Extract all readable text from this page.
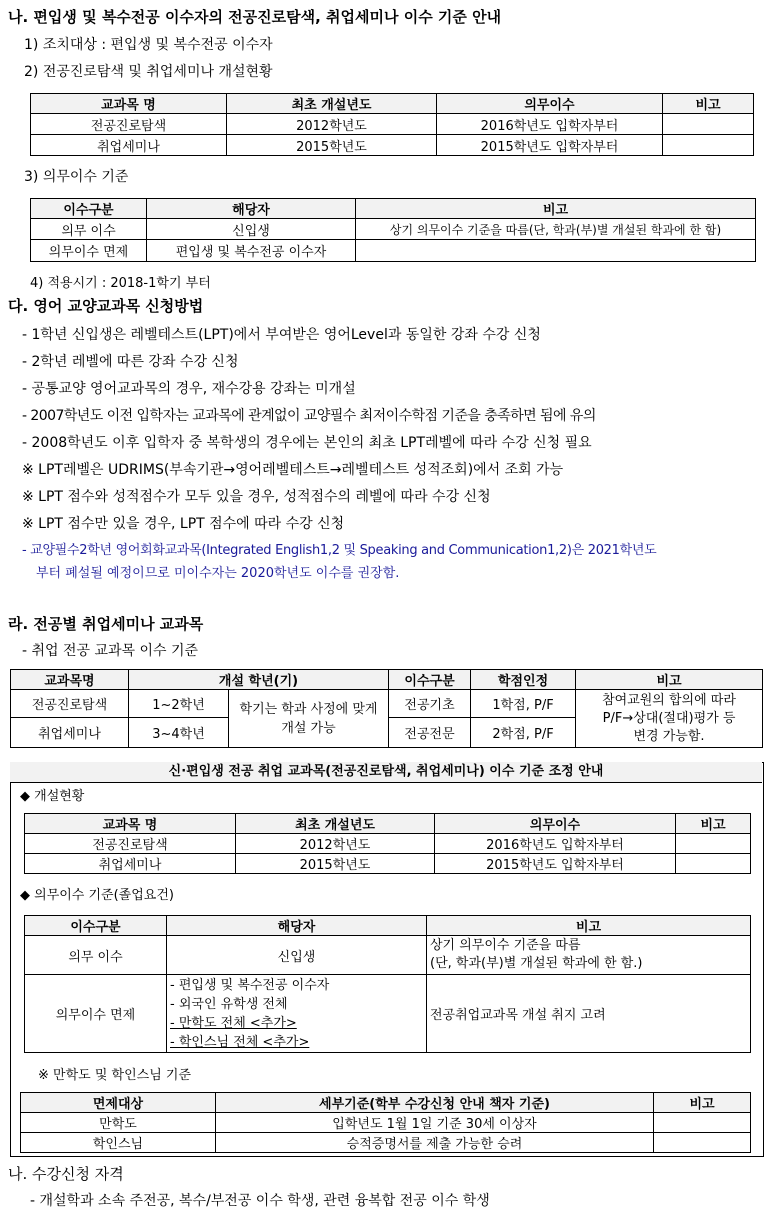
나. 편입생 및 복수전공 이수자의 전공진로탐색, 취업세미나 이수 기준 안내
1) 조치대상 : 편입생 및 복수전공 이수자
2) 전공진로탐색 및 취업세미나 개설현황
교과목 명	최초 개설년도	의무이수	비고
전공진로탐색	2012학년도	2016학년도 입학자부터	
취업세미나	2015학년도	2015학년도 입학자부터	
3) 의무이수 기준
이수구분	해당자	비고
의무 이수	신입생	상기 의무이수 기준을 따름(단, 학과(부)별 개설된 학과에 한 함)
의무이수 면제	편입생 및 복수전공 이수자	
4) 적용시기 : 2018-1학기 부터
다. 영어 교양교과목 신청방법
- 1학년 신입생은 레벨테스트(LPT)에서 부여받은 영어Level과 동일한 강좌 수강 신청
- 2학년 레벨에 따른 강좌 수강 신청
- 공통교양 영어교과목의 경우, 재수강용 강좌는 미개설
- 2007학년도 이전 입학자는 교과목에 관계없이 교양필수 최저이수학점 기준을 충족하면 됨에 유의
- 2008학년도 이후 입학자 중 복학생의 경우에는 본인의 최초 LPT레벨에 따라 수강 신청 필요
※ LPT레벨은 UDRIMS(부속기관→영어레벨테스트→레벨테스트 성적조회)에서 조회 가능
※ LPT 점수와 성적점수가 모두 있을 경우, 성적점수의 레벨에 따라 수강 신청
※ LPT 점수만 있을 경우, LPT 점수에 따라 수강 신청
- 교양필수2학년 영어회화교과목(Integrated English1,2 및 Speaking and Communication1,2)은 2021학년도
부터 폐설될 예정이므로 미이수자는 2020학년도 이수를 권장함.
라. 전공별 취업세미나 교과목
- 취업 전공 교과목 이수 기준
교과목명	개설 학년(기)		이수구분	학점인정	비고
전공진로탐색	1~2학년	학기는 학과 사정에 맞게 개설 가능	전공기초	1학점, P/F	참여교원의 합의에 따라
P/F→상대(절대)평가 등
변경 가능함.

취업세미나	3~4학년		전공전문	2학점, P/F	
신·편입생 전공 취업 교과목(전공진로탐색, 취업세미나) 이수 기준 조정 안내
◆ 개설현황
교과목 명	최초 개설년도	의무이수	비고
전공진로탐색	2012학년도	2016학년도 입학자부터	
취업세미나	2015학년도	2015학년도 입학자부터	
◆ 의무이수 기준(졸업요건)
이수구분	해당자	비고
의무 이수	신입생	상기 의무이수 기준을 따름
(단, 학과(부)별 개설된 학과에 한 함.)

의무이수 면제	- 편입생 및 복수전공 이수자
- 외국인 유학생 전체
- 만학도 전체 <추가>
- 학인스님 전체 <추가>	전공취업교과목 개설 취지 고려
※ 만학도 및 학인스님 기준
면제대상	세부기준(학부 수강신청 안내 책자 기준)	비고
만학도	입학년도 1월 1일 기준 30세 이상자	
학인스님	승적증명서를 제출 가능한 승려	
나. 수강신청 자격
- 개설학과 소속 주전공, 복수/부전공 이수 학생, 관련 융복합 전공 이수 학생
